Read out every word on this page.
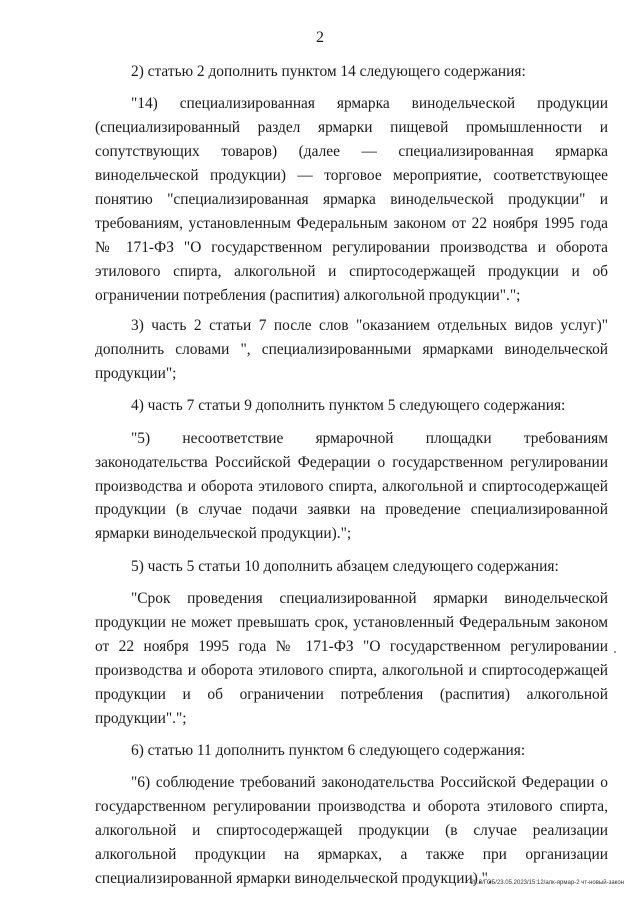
2

2) статью 2 дополнить пунктом 14 следующего содержания:

"14) специализированная ярмарка винодельческой продукции (специализированный раздел ярмарки пищевой промышленности и сопутствующих товаров) (далее — специализированная ярмарка винодельческой продукции) — торговое мероприятие, соответствующее понятию "специализированная ярмарка винодельческой продукции" и требованиям, установленным Федеральным законом от 22 ноября 1995 года № 171-ФЗ "О государственном регулировании производства и оборота этилового спирта, алкогольной и спиртосодержащей продукции и об ограничении потребления (распития) алкогольной продукции".";

3) часть 2 статьи 7 после слов "оказанием отдельных видов услуг)" дополнить словами ", специализированными ярмарками винодельческой продукции";

4) часть 7 статьи 9 дополнить пунктом 5 следующего содержания:

"5) несоответствие ярмарочной площадки требованиям законодательства Российской Федерации о государственном регулировании производства и оборота этилового спирта, алкогольной и спиртосодержащей продукции (в случае подачи заявки на проведение специализированной ярмарки винодельческой продукции).";

5) часть 5 статьи 10 дополнить абзацем следующего содержания:

"Срок проведения специализированной ярмарки винодельческой продукции не может превышать срок, установленный Федеральным законом от 22 ноября 1995 года № 171-ФЗ "О государственном регулировании производства и оборота этилового спирта, алкогольной и спиртосодержащей продукции и об ограничении потребления (распития) алкогольной продукции".";

6) статью 11 дополнить пунктом 6 следующего содержания:

"6) соблюдение требований законодательства Российской Федерации о государственном регулировании производства и оборота этилового спирта, алкогольной и спиртосодержащей продукции (в случае реализации алкогольной продукции на ярмарках, а также при организации специализированной ярмарки винодельческой продукции).".

20.3/ГОБ/23.05.2023/15:12/алк-ярмар-2 чт-новый-закон
